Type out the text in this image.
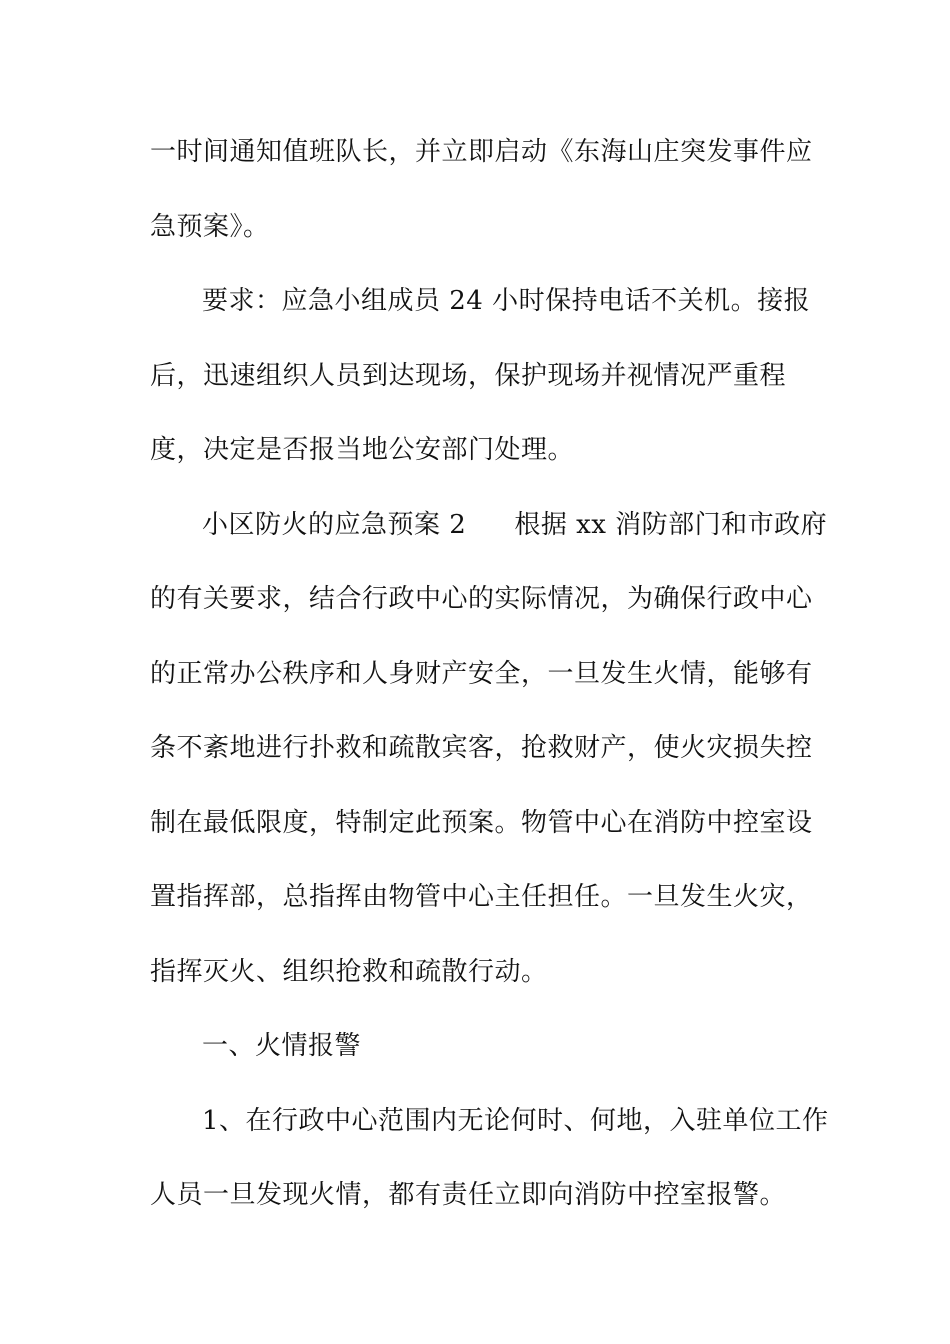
一时间通知值班队长，并立即启动《东海山庄突发事件应
急预案》。
要求：应急小组成员 24 小时保持电话不关机。接报
后，迅速组织人员到达现场，保护现场并视情况严重程
度，决定是否报当地公安部门处理。
小区防火的应急预案 2 根据 xx 消防部门和市政府
的有关要求，结合行政中心的实际情况，为确保行政中心
的正常办公秩序和人身财产安全，一旦发生火情，能够有
条不紊地进行扑救和疏散宾客，抢救财产，使火灾损失控
制在最低限度，特制定此预案。物管中心在消防中控室设
置指挥部，总指挥由物管中心主任担任。一旦发生火灾，
指挥灭火、组织抢救和疏散行动。
一、火情报警
1、在行政中心范围内无论何时、何地，入驻单位工作
人员一旦发现火情，都有责任立即向消防中控室报警。
